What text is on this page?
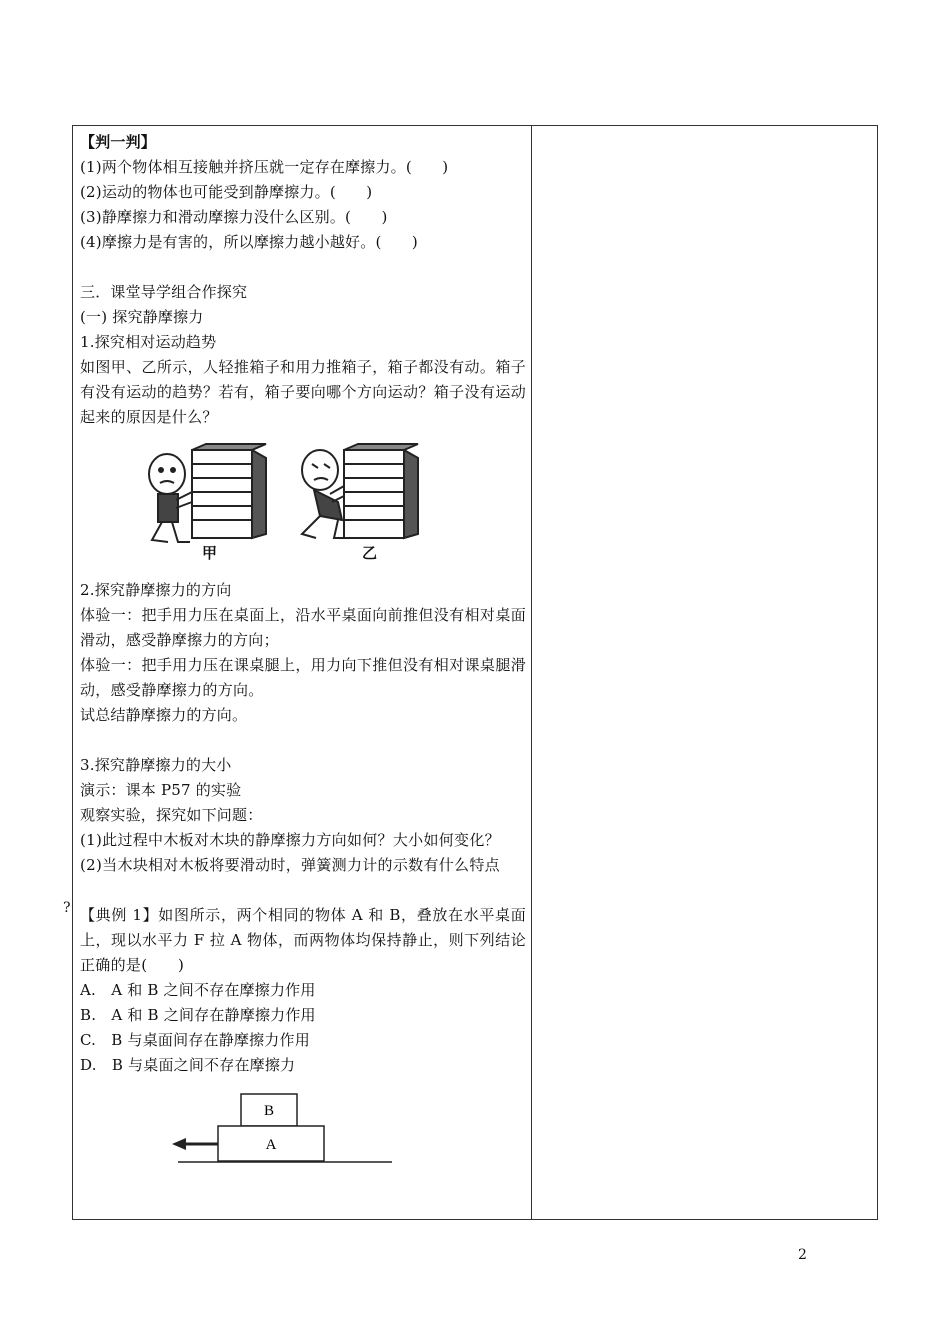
【判一判】
(1)两个物体相互接触并挤压就一定存在摩擦力。(　　)
(2)运动的物体也可能受到静摩擦力。(　　)
(3)静摩擦力和滑动摩擦力没什么区别。(　　)
(4)摩擦力是有害的，所以摩擦力越小越好。(　　)
三．课堂导学组合作探究
(一) 探究静摩擦力
1.探究相对运动趋势
如图甲、乙所示，人轻推箱子和用力推箱子，箱子都没有动。箱子有没有运动的趋势？若有，箱子要向哪个方向运动？箱子没有运动起来的原因是什么？
甲	乙
2.探究静摩擦力的方向
体验一：把手用力压在桌面上，沿水平桌面向前推但没有相对桌面滑动，感受静摩擦力的方向；
体验一：把手用力压在课桌腿上，用力向下推但没有相对课桌腿滑动，感受静摩擦力的方向。
试总结静摩擦力的方向。
3.探究静摩擦力的大小
演示：课本 P57 的实验
观察实验，探究如下问题：
(1)此过程中木板对木块的静摩擦力方向如何？大小如何变化？
(2)当木块相对木板将要滑动时，弹簧测力计的示数有什么特点
【典例 1】如图所示，两个相同的物体 A 和 B，叠放在水平桌面上，现以水平力 F 拉 A 物体，而两物体均保持静止，则下列结论正确的是(　　)
A.　A 和 B 之间不存在摩擦力作用
B.　A 和 B 之间存在静摩擦力作用
C.　B 与桌面间存在静摩擦力作用
D.　B 与桌面之间不存在摩擦力
B
A
?
2
